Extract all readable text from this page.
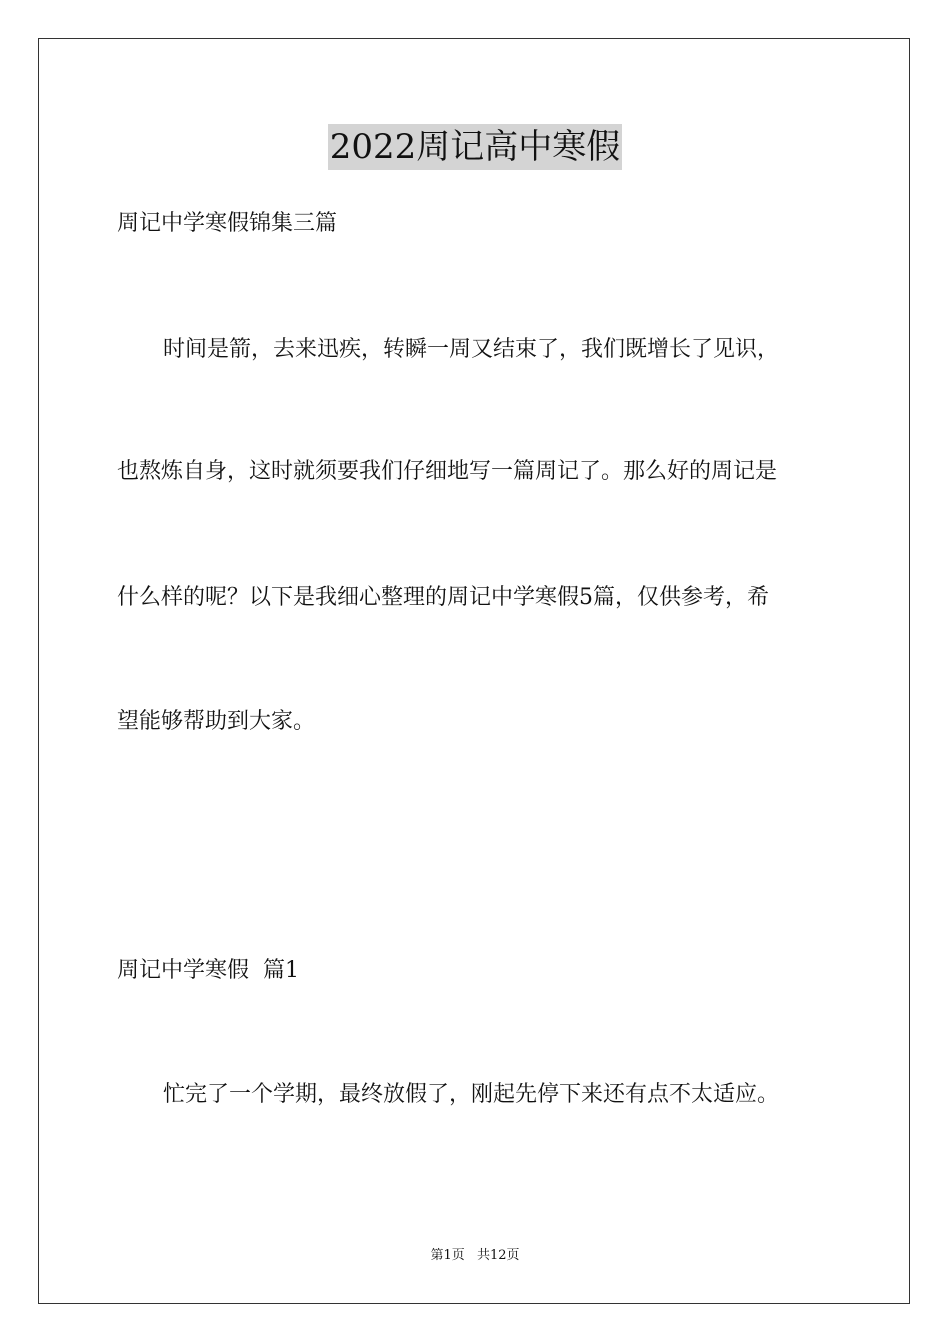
2022周记高中寒假

周记中学寒假锦集三篇

时间是箭，去来迅疾，转瞬一周又结束了，我们既增长了见识，

也熬炼自身，这时就须要我们仔细地写一篇周记了。那么好的周记是

什么样的呢？以下是我细心整理的周记中学寒假5篇，仅供参考，希

望能够帮助到大家。

周记中学寒假  篇1

忙完了一个学期，最终放假了，刚起先停下来还有点不太适应。

第1页 共12页
